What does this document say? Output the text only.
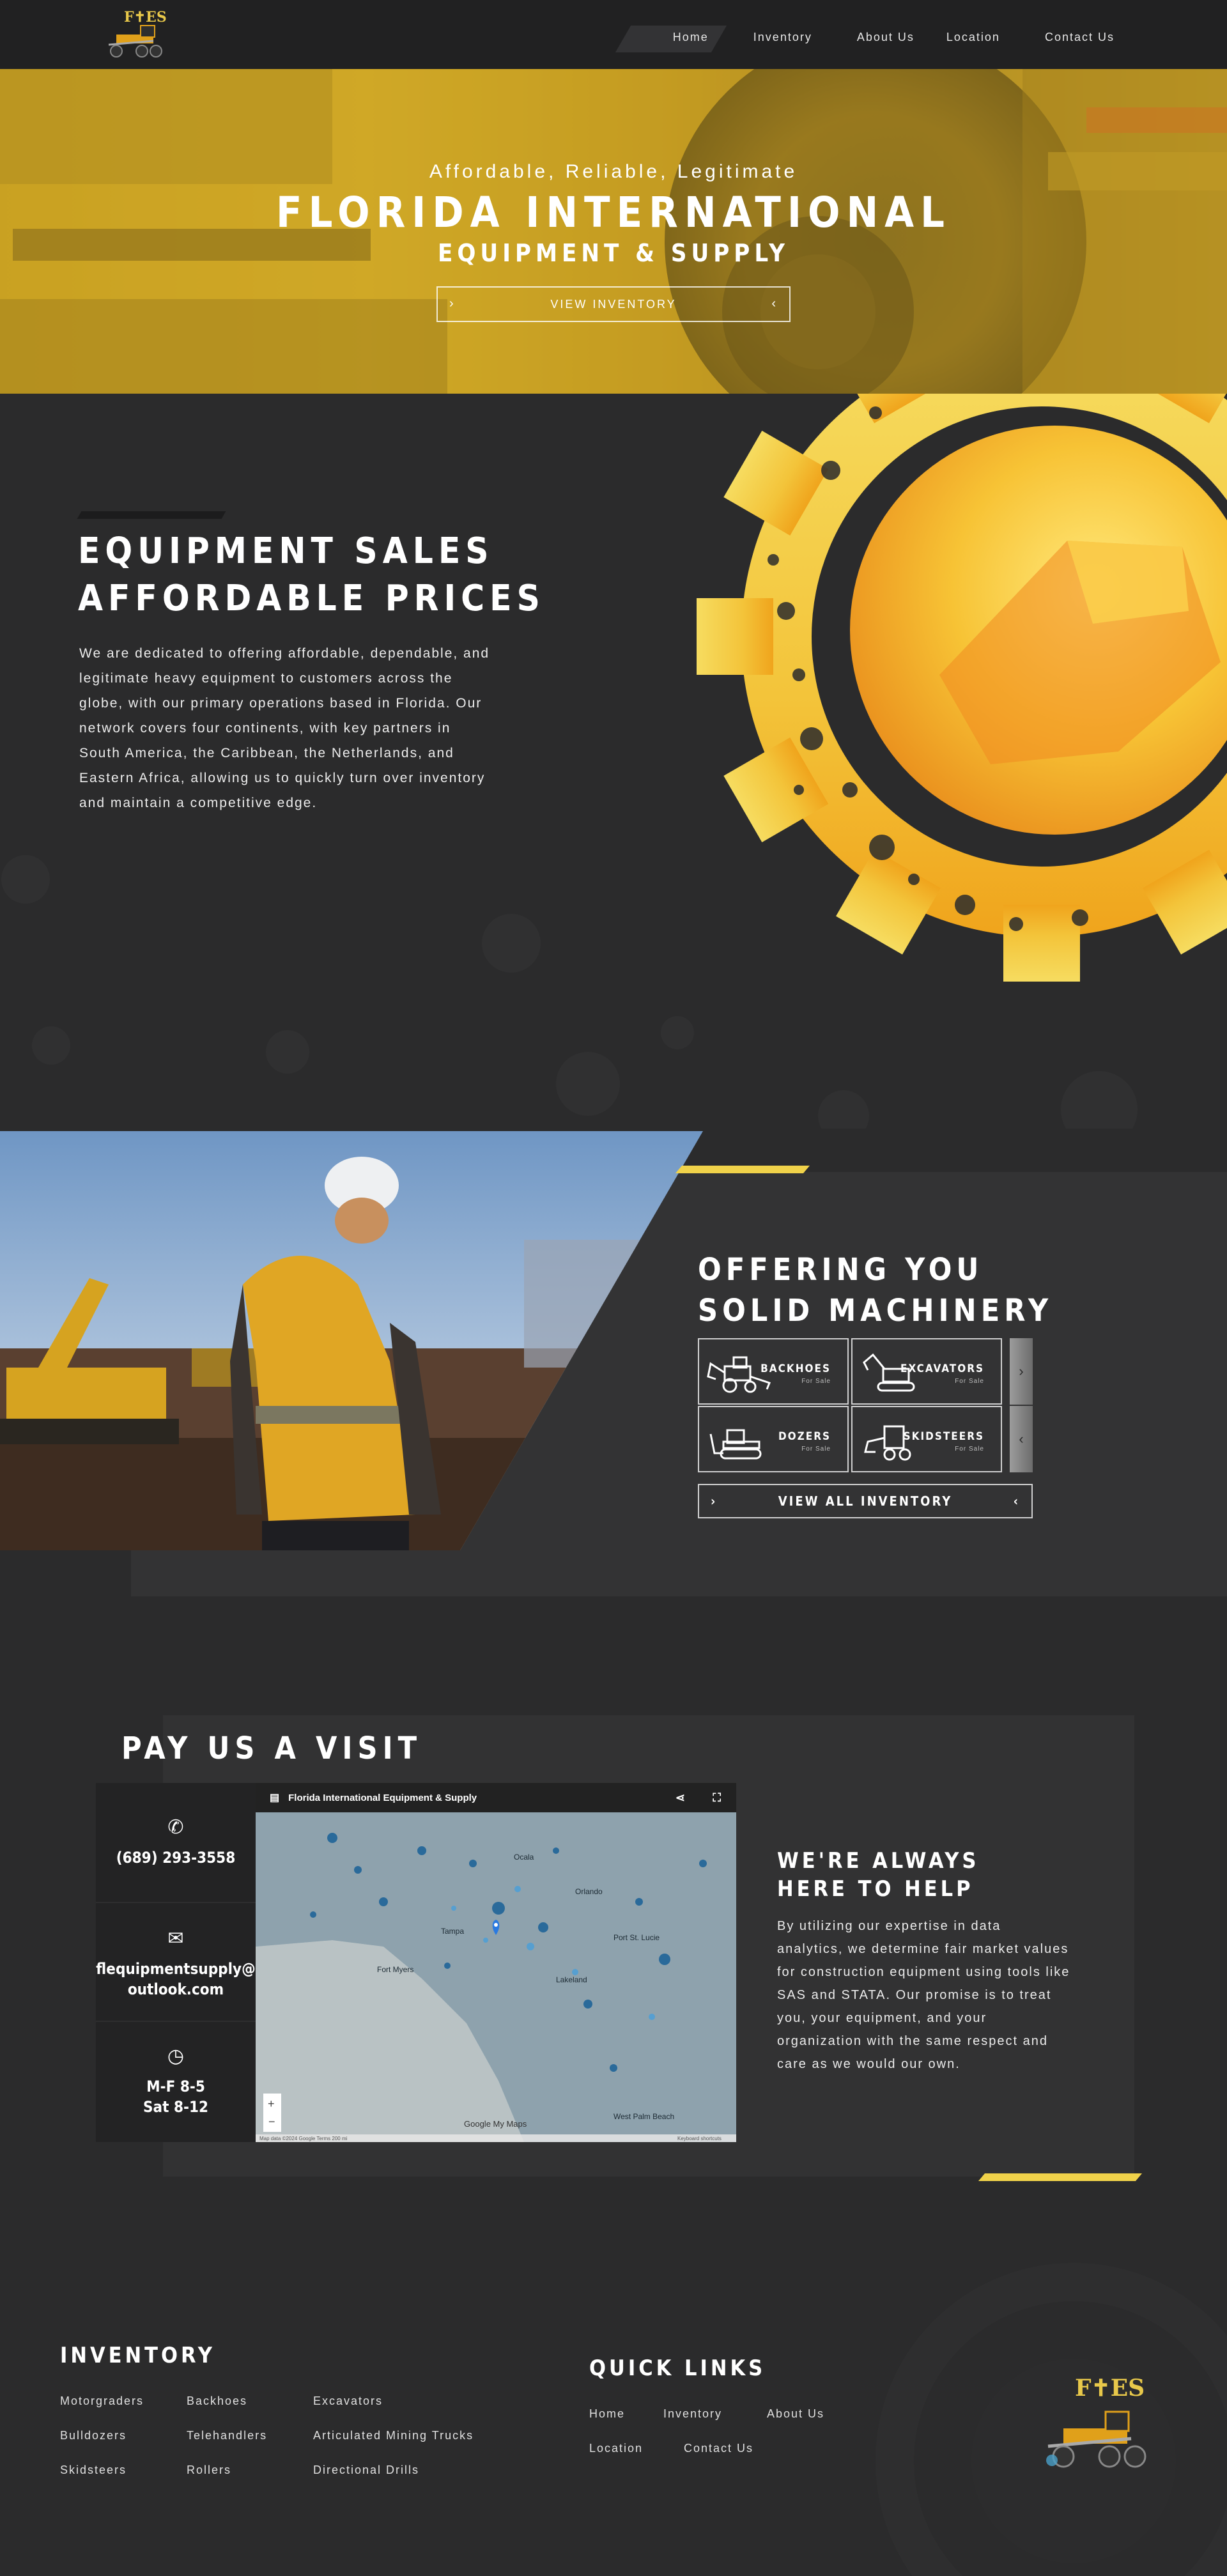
F✝ES
Home	Inventory	About Us	Location	Contact Us
Affordable, Reliable, Legitimate
FLORIDA INTERNATIONAL
EQUIPMENT & SUPPLY
›	VIEW INVENTORY	‹
EQUIPMENT SALES
AFFORDABLE PRICES
We are dedicated to offering affordable, dependable, and legitimate heavy equipment to customers across the globe, with our primary operations based in Florida. Our network covers four continents, with key partners in South America, the Caribbean, the Netherlands, and Eastern Africa, allowing us to quickly turn over inventory and maintain a competitive edge.
OFFERING YOU
SOLID MACHINERY
BACKHOES
For Sale
EXCAVATORS
For Sale
›
DOZERS
For Sale
SKIDSTEERS
For Sale
‹
›	VIEW ALL INVENTORY	‹
PAY US A VISIT
✆
(689) 293-3558
✉
flequipmentsupply@
outlook.com
◷
M-F 8-5
Sat 8-12
▤ Florida International Equipment & Supply	⋖ ⛶
Ocala
Orlando
Lakeland
Fort Myers
Tampa
Port St. Lucie
West Palm Beach
+
−	Google My Maps
Map data ©2024 Google Terms 200 mi	Keyboard shortcuts
WE'RE ALWAYS
HERE TO HELP
By utilizing our expertise in data analytics, we determine fair market values for construction equipment using tools like SAS and STATA. Our promise is to treat you, your equipment, and your organization with the same respect and care as we would our own.
INVENTORY
Motorgraders	Backhoes	Excavators
Bulldozers	Telehandlers	Articulated Mining Trucks
Skidsteers	Rollers	Directional Drills
QUICK LINKS
Home	Inventory	About Us
Location	Contact Us
F✝ES
